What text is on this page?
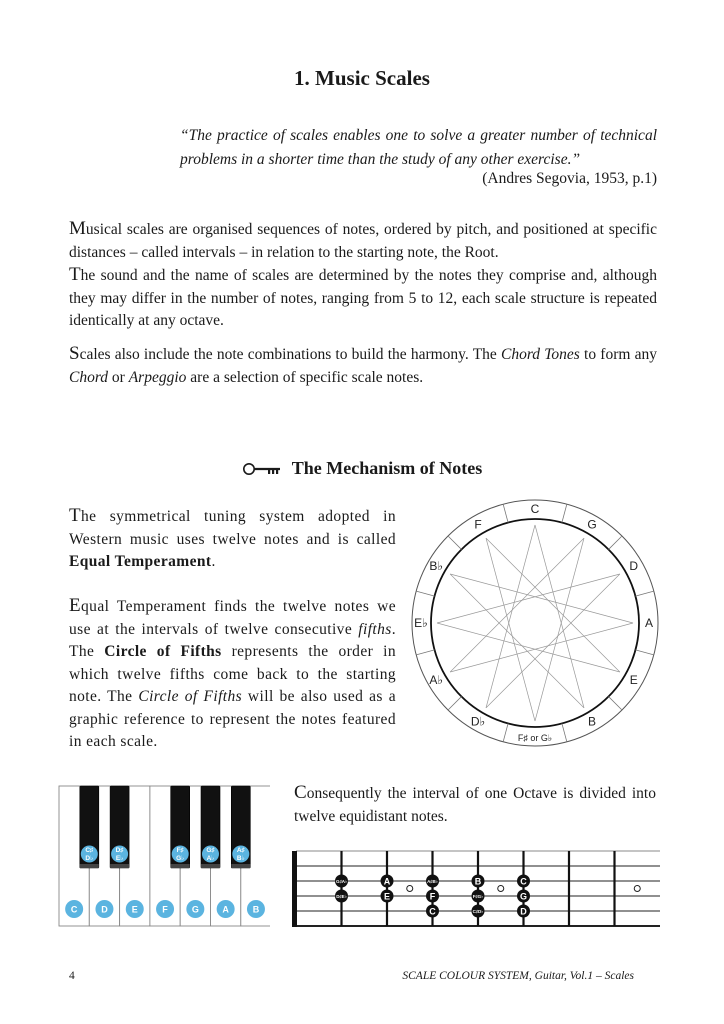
1. Music Scales
“The practice of scales enables one to solve a greater number of technical
problems in a shorter time than the study of any other exercise.”
(Andres Segovia, 1953, p.1)
Musical scales are organised sequences of notes, ordered by pitch, and positioned at specific distances – called intervals – in relation to the starting note, the Root.
The sound and the name of scales are determined by the notes they comprise and, although they may differ in the number of notes, ranging from 5 to 12, each scale structure is repeated identically at any octave.
Scales also include the note combinations to build the harmony. The Chord Tones to form any Chord or Arpeggio are a selection of specific scale notes.
The Mechanism of Notes
The symmetrical tuning system adopted in Western music uses twelve notes and is called Equal Temperament.
Equal Temperament finds the twelve notes we use at the intervals of twelve consecutive fifths. The Circle of Fifths represents the order in which twelve fifths come back to the starting note. The Circle of Fifths will be also used as a graphic reference to represent the notes featured in each scale.
C
G
D
A
E
B
F♯ or G♭
D♭
A♭
E♭
B♭
F
C	D	E	F	G	A	B
C♯
D♭
D♯
E♭
F♯
G♭
G♯
A♭
A♯
B♭
Consequently the interval of one Octave is divided into twelve equidistant notes.
G♯A♭
D♯E♭
A
E
A♯B♭
F
C
B
F♯G♭
C♯D♭
C
G
D
4	SCALE COLOUR SYSTEM, Guitar, Vol.1 – Scales
